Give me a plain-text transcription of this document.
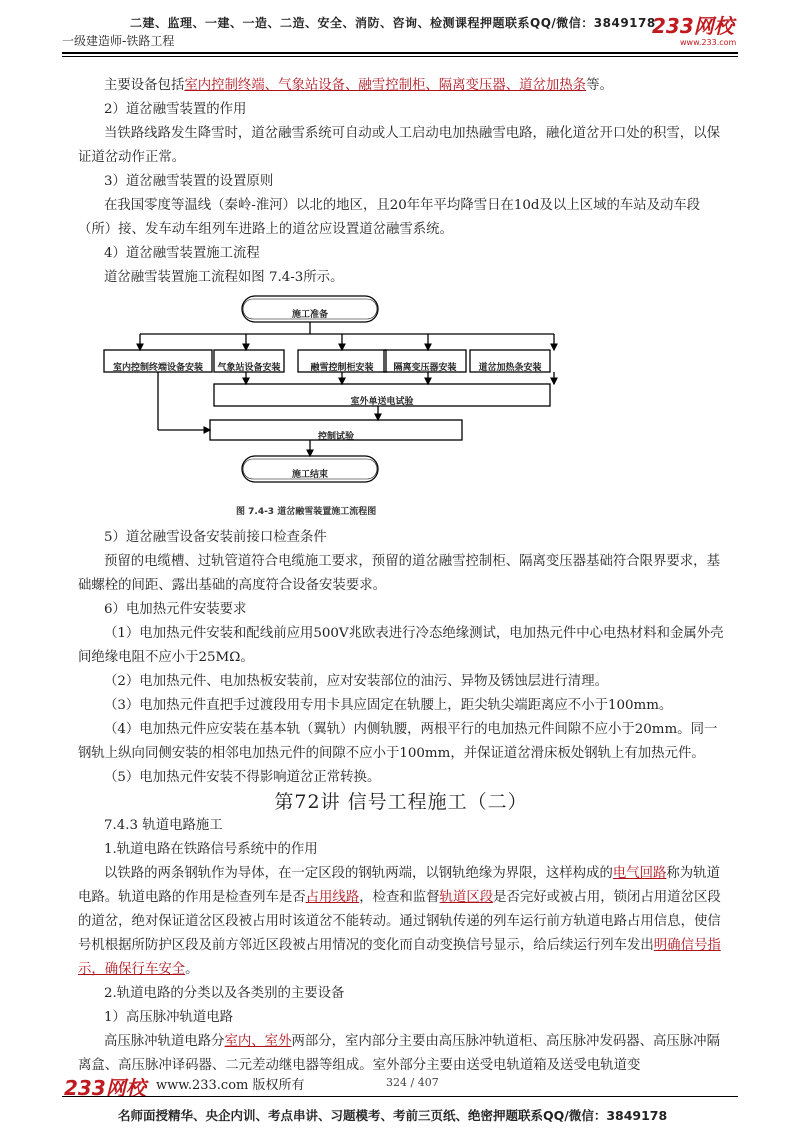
二建、监理、一建、一造、二造、安全、消防、咨询、检测课程押题联系QQ/微信：3849178
一级建造师-铁路工程
233网校
www.233.com

主要设备包括室内控制终端、气象站设备、融雪控制柜、隔离变压器、道岔加热条等。

2）道岔融雪装置的作用

当铁路线路发生降雪时，道岔融雪系统可自动或人工启动电加热融雪电路，融化道岔开口处的积雪，以保证道岔动作正常。

3）道岔融雪装置的设置原则

在我国零度等温线（秦岭-淮河）以北的地区，且20年年平均降雪日在10d及以上区域的车站及动车段（所）接、发车动车组列车进路上的道岔应设置道岔融雪系统。

4）道岔融雪装置施工流程

道岔融雪装置施工流程如图 7.4-3所示。

施工准备
室内控制终端设备安装	气象站设备安装	融雪控制柜安装	隔离变压器安装	道岔加热条安装
室外单送电试验
控制试验
施工结束
图 7.4-3 道岔融雪装置施工流程图

5）道岔融雪设备安装前接口检查条件

预留的电缆槽、过轨管道符合电缆施工要求，预留的道岔融雪控制柜、隔离变压器基础符合限界要求，基础螺栓的间距、露出基础的高度符合设备安装要求。

6）电加热元件安装要求

（1）电加热元件安装和配线前应用500V兆欧表进行冷态绝缘测试，电加热元件中心电热材料和金属外壳间绝缘电阻不应小于25MΩ。

（2）电加热元件、电加热板安装前，应对安装部位的油污、异物及锈蚀层进行清理。

（3）电加热元件直把手过渡段用专用卡具应固定在轨腰上，距尖轨尖端距离应不小于100mm。

（4）电加热元件应安装在基本轨（翼轨）内侧轨腰，两根平行的电加热元件间隙不应小于20mm。同一钢轨上纵向同侧安装的相邻电加热元件的间隙不应小于100mm，并保证道岔滑床板处钢轨上有加热元件。

（5）电加热元件安装不得影响道岔正常转换。

第72讲 信号工程施工（二）

7.4.3 轨道电路施工

1.轨道电路在铁路信号系统中的作用

以铁路的两条钢轨作为导体，在一定区段的钢轨两端，以钢轨绝缘为界限，这样构成的电气回路称为轨道电路。轨道电路的作用是检查列车是否占用线路，检查和监督轨道区段是否完好或被占用，锁闭占用道岔区段的道岔，绝对保证道岔区段被占用时该道岔不能转动。通过钢轨传递的列车运行前方轨道电路占用信息，使信号机根据所防护区段及前方邻近区段被占用情况的变化而自动变换信号显示，给后续运行列车发出明确信号指示，确保行车安全。

2.轨道电路的分类以及各类别的主要设备

1）高压脉冲轨道电路

高压脉冲轨道电路分室内、室外两部分，室内部分主要由高压脉冲轨道柜、高压脉冲发码器、高压脉冲隔离盒、高压脉冲译码器、二元差动继电器等组成。室外部分主要由送受电轨道箱及送受电轨道变

233网校 www.233.com 版权所有	324 / 407
名师面授精华、央企内训、考点串讲、习题模考、考前三页纸、绝密押题联系QQ/微信：3849178
